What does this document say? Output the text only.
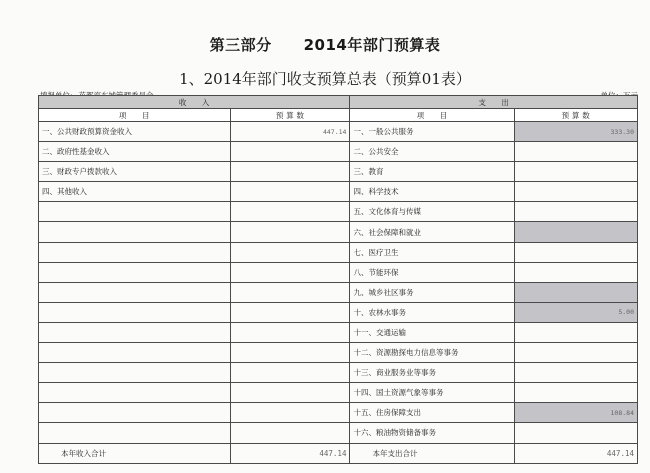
第三部分 2014年部门预算表
1、2014年部门收支预算总表（预算01表）
收　　入		支　　出	
项　　目	预 算 数	项　　目	预 算 数
一、公共财政预算资金收入	447.14	一、一般公共服务	333.30
二、政府性基金收入		二、公共安全	
三、财政专户拨款收入		三、教育	
四、其他收入		四、科学技术	
		五、文化体育与传媒	
		六、社会保障和就业	
		七、医疗卫生	
		八、节能环保	
		九、城乡社区事务	
		十、农林水事务	5.00
		十一、交通运输	
		十二、资源勘探电力信息等事务	
		十三、商业服务业等事务	
		十四、国土资源气象等事务	
		十五、住房保障支出	108.84
		十六、粮油物资储备事务	
本年收入合计	447.14	本年支出合计	447.14
